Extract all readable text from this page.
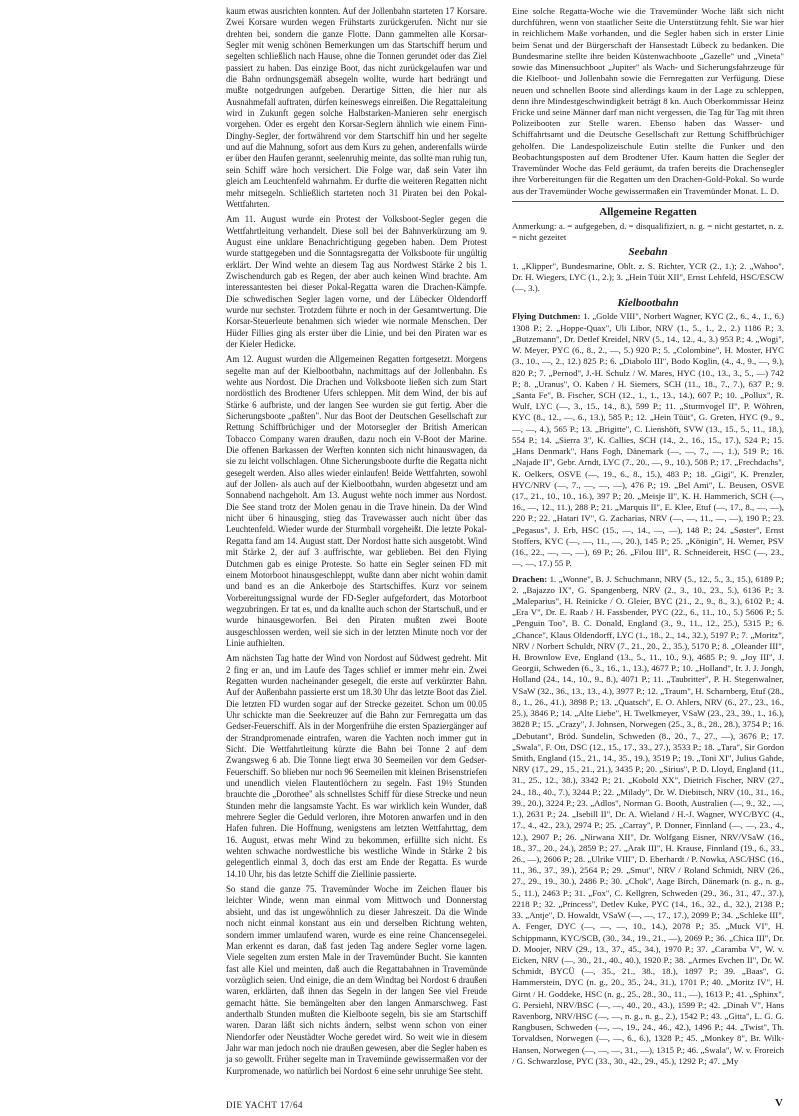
kaum etwas ausrichten konnten. Auf der Jollenbahn starteten 17 Korsare. Zwei Korsare wurden wegen Frühstarts zurückgerufen. Nicht nur sie drehten bei, sondern die ganze Flotte. Dann gammelten alle Korsar-Segler mit wenig schönen Bemerkungen um das Startschiff herum und segelten schließlich nach Hause, ohne die Tonnen gerundet oder das Ziel passiert zu haben. Das einzige Boot, das nicht zurückgelaufen war und die Bahn ordnungsgemäß absegeln wollte, wurde hart bedrängt und mußte notgedrungen aufgeben. Derartige Sitten, die hier nur als Ausnahmefall auftraten, dürfen keineswegs einreißen. Die Regattaleitung wird in Zukunft gegen solche Halbstarken-Manieren sehr energisch vorgehen. Oder es ergeht den Korsar-Seglern ähnlich wie einem Finn-Dinghy-Segler, der fortwährend vor dem Startschiff hin und her segelte und auf die Mahnung, sofort aus dem Kurs zu gehen, anderenfalls würde er über den Haufen gerannt, seelenruhig meinte, das sollte man ruhig tun, sein Schiff wäre hoch versichert. Die Folge war, daß sein Vater ihn gleich am Leuchtenfeld wahrnahm. Er durfte die weiteren Regatten nicht mehr mitsegeln. Schließlich starteten noch 31 Piraten bei den Pokal-Wettfahrten.

Am 11. August wurde ein Protest der Volksboot-Segler gegen die Wettfahrtleitung verhandelt. Diese soll bei der Bahnverkürzung am 9. August eine unklare Benachrichtigung gegeben haben. Dem Protest wurde stattgegeben und die Sonntagsregatta der Volksboote für ungültig erklärt. Der Wind wehte an diesem Tag aus Nordwest Stärke 2 bis 1. Zwischendurch gab es Regen, der aber auch keinen Wind brachte. Am interessantesten bei dieser Pokal-Regatta waren die Drachen-Kämpfe. Die schwedischen Segler lagen vorne, und der Lübecker Oldendorff wurde nur sechster. Trotzdem führte er noch in der Gesamtwertung. Die Korsar-Steuerleute benahmen sich wieder wie normale Menschen. Der Hüder Fillies ging als erster über die Linie, und bei den Piraten war es der Kieler Hedicke.

Am 12. August wurden die Allgemeinen Regatten fortgesetzt. Morgens segelte man auf der Kielbootbahn, nachmittags auf der Jollenbahn. Es wehte aus Nordost. Die Drachen und Volksboote ließen sich zum Start nordöstlich des Brodtener Ufers schleppen. Mit dem Wind, der bis auf Stärke 6 aufbriste, und der langen See wurden sie gut fertig. Aber die Sicherungsboote „paßten". Nur das Boot der Deutschen Gesellschaft zur Rettung Schiffbrüchiger und der Motorsegler der British American Tobacco Company waren draußen, dazu noch ein V-Boot der Marine. Die offenen Barkassen der Werften konnten sich nicht hinauswagen, da sie zu leicht vollschlagen. Ohne Sicherungsboote durfte die Regatta nicht gesegelt werden. Also alles wieder einlaufen! Beide Wettfahrten, sowohl auf der Jollen- als auch auf der Kielbootbahn, wurden abgesetzt und am Sonnabend nachgeholt. Am 13. August wehte noch immer aus Nordost. Die See stand trotz der Molen genau in die Trave hinein. Da der Wind nicht über 6 hinausging, stieg das Travewasser auch nicht über das Leuchtenfeld. Wieder wurde der Sturmball vorgeheißt. Die letzte Pokal-Regatta fand am 14. August statt. Der Nordost hatte sich ausgetobt. Wind mit Stärke 2, der auf 3 auffrischte, war geblieben. Bei den Flying Dutchmen gab es einige Proteste. So hatte ein Segler seinen FD mit einem Motorboot hinausgeschleppt, wußte dann aber nicht wohin damit und band es an die Ankerboje des Startschiffes. Kurz vor seinem Vorbereitungssignal wurde der FD-Segler aufgefordert, das Motorboot wegzubringen. Er tat es, und da knallte auch schon der Startschuß, und er wurde hinausgeworfen. Bei den Piraten mußten zwei Boote ausgeschlossen werden, weil sie sich in der letzten Minute noch vor der Linie aufhielten.

Am nächsten Tag hatte der Wind von Nordost auf Südwest gedreht. Mit 2 fing er an, und im Laufe des Tages schlief er immer mehr ein. Zwei Regatten wurden nacheinander gesegelt, die erste auf verkürzter Bahn. Auf der Außenbahn passierte erst um 18.30 Uhr das letzte Boot das Ziel. Die letzten FD wurden sogar auf der Strecke gezeitet. Schon um 00.05 Uhr schickte man die Seekreuzer auf die Bahn zur Fernregatta um das Gedser-Feuerschiff. Als in der Morgenfrühe die ersten Spaziergänger auf der Strandpromenade eintrafen, waren die Yachten noch immer gut in Sicht. Die Wettfahrtleitung kürzte die Bahn bei Tonne 2 auf dem Zwangsweg 6 ab. Die Tonne liegt etwa 30 Seemeilen vor dem Gedser-Feuerschiff. So blieben nur noch 96 Seemeilen mit kleinen Brisenstriefen und unendlich vielen Flautentlöchern zu segeln. Fast 19½ Stunden brauchte die „Dorothee" als schnellstes Schiff für diese Strecke und neun Stunden mehr die langsamste Yacht. Es war wirklich kein Wunder, daß mehrere Segler die Geduld verloren, ihre Motoren anwarfen und in den Hafen fuhren. Die Hoffnung, wenigstens am letzten Wettfahrttag, dem 16. August, etwas mehr Wind zu bekommen, erfüllte sich nicht. Es wehten schwache nordwestliche bis westliche Winde in Stärke 2 bis gelegentlich einmal 3, doch das erst am Ende der Regatta. Es wurde 14.10 Uhr, bis das letzte Schiff die Ziellinie passierte.

So stand die ganze 75. Travemünder Woche im Zeichen flauer bis leichter Winde, wenn man einmal vom Mittwoch und Donnerstag absieht, und das ist ungewöhnlich zu dieser Jahreszeit. Da die Winde noch nicht einmal konstant aus ein und derselben Richtung wehten, sondern immer umlaufend waren, wurde es eine reine Chancensegelei. Man erkennt es daran, daß fast jeden Tag andere Segler vorne lagen. Viele segelten zum ersten Male in der Travemünder Bucht. Sie kannten fast alle Kiel und meinten, daß auch die Regattabahnen in Travemünde vorzüglich seien. Und einige, die an dem Windtag bei Nordost 6 draußen waren, erklärten, daß ihnen das Segeln in der langen See viel Freude gemacht hätte. Sie bemängelten aber den langen Anmarschweg. Fast anderthalb Stunden mußten die Kielboote segeln, bis sie am Startschiff waren. Daran läßt sich nichts ändern, selbst wenn schon von einer Niendorfer oder Neustädter Woche geredet wird. So weit wie in diesem Jahr war man jedoch noch nie draußen gewesen, aber die Segler haben es ja so gewollt. Früher segelte man in Travemünde gewissermaßen vor der Kurpromenade, wo natürlich bei Nordost 6 eine sehr unruhige See steht.

Eine solche Regatta-Woche wie die Travemünder Woche läßt sich nicht durchführen, wenn von staatlicher Seite die Unterstützung fehlt. Sie war hier in reichlichem Maße vorhanden, und die Segler haben sich in erster Linie beim Senat und der Bürgerschaft der Hansestadt Lübeck zu bedanken. Die Bundesmarine stellte ihre beiden Küstenwachboote „Gazelle" und „Vineta" sowie das Minensuchboot „Jupiter" als Wach- und Sicherungsfahrzeuge für die Kielboot- und Jollenbahn sowie die Fernregatten zur Verfügung. Diese neuen und schnellen Boote sind allerdings kaum in der Lage zu schleppen, denn ihre Mindestgeschwindigkeit beträgt 8 kn. Auch Oberkommissar Heinz Fricke und seine Männer darf man nicht vergessen, die Tag für Tag mit ihren Polizeibooten zur Stelle waren. Ebenso haben das Wasser- und Schiffahrtsamt und die Deutsche Gesellschaft zur Rettung Schiffbrüchiger geholfen. Die Landespolizeischule Eutin stellte die Funker und den Beobachtungsposten auf dem Brodtener Ufer. Kaum hatten die Segler der Travemünder Woche das Feld geräumt, da trafen bereits die Drachensegler ihre Vorbereitungen für die Regatten um den Drachen-Gold-Pokal. So wurde aus der Travemünder Woche gewissermaßen ein Travemünder Monat. L. D.

Allgemeine Regatten

Anmerkung: a. = aufgegeben, d. = disqualifiziert, n. g. = nicht gestartet, n. z. = nicht gezeitet

Seebahn

1. „Klipper", Bundesmarine, Oblt. z. S. Richter, YCR (2., 1.); 2. „Wahoo", Dr. H. Wiegers, LYC (1., 2.); 3. „Hein Tüüt XII", Ernst Lehfeld, HSC/ESCW (—, 3.).

Kielbootbahn

Flying Dutchmen: 1. „Golde VIII", Norbert Wagner, KYC (2., 6., 4., 1., 6.) 1308 P.; 2. „Hoppe-Quax", Uli Libor, NRV (1., 5., 1., 2., 2.) 1186 P.; 3. „Butzemann", Dr. Detlef Kreidel, NRV (5., 14., 12., 4., 3.) 953 P.; 4. „Wogi", W. Meyer, PYC (6., 8., 2., —, 5.) 920 P.; 5. „Colombine", H. Moster, HYC (3., 10., —, 2., 12.) 825 P.; 6. „Diabolo III", Bodo Koglin, (4., 4., 9., —, 9.), 820 P.; 7. „Pernod", J.-H. Schulz / W. Mares, HYC (10., 13., 3., 5., —) 742 P.; 8. „Uranus", O. Kaben / H. Siemers, SCH (11., 18., 7., 7.), 637 P.; 9. „Santa Fe", B. Fischer, SCH (12., 1., 1., 13., 14.), 607 P.; 10. „Pollux", R. Wulf, LYC (—, 3., 15., 14., 8.), 599 P.; 11. „Sturmvogel II", P. Wöhren, KYC (8., 12., —, 6., 13.), 585 P.; 12. „Hein Tüüt", G. Greten, HYC (9., 9., —, —, 4.), 565 P.; 13. „Brigitte", C. Lienshöft, SVW (13., 15., 5., 11., 18.), 554 P.; 14. „Sierra 3", K. Callies, SCH (14., 2., 16., 15., 17.), 524 P.; 15. „Hans Denmark", Hans Fogh, Dänemark (—, —, 7., —, 1.), 519 P.; 16. „Najade II", Gebr. Arndt, LYC (7., 20., —, 9., 10.), 508 P.; 17. „Frechdachs", K. Oelkers, OSVE (—, 19., 6., 8., 15.), 483 P.; 18. „Gigi", K. Prenzler, HYC/NRV (—, 7., —, —, —), 476 P.; 19. „Bel Ami", L. Beusen, OSVE (17., 21., 10., 10., 16.), 397 P.; 20. „Meisje II", K. H. Hammerich, SCH (—, 16., —, 12., 11.), 288 P.; 21. „Marquis II", E. Klee, Etuf (—, 17., 8., —, —), 220 P.; 22. „Hatari IV", G. Zacharias, NRV (—, —, 11., —, —), 190 P.; 23. „Pegasus", J. Erb, HSC (15., —, 14., —, —), 148 P.; 24. „Søster", Ernst Stoffers, KYC (—, —, 11., —, 20.), 145 P.; 25. „Königin", H. Wemer, PSV (16., 22., —, —, —), 69 P.; 26. „Filou III", R. Schneidereit, HSC (—, 23., —, —, 17.) 55 P.

Drachen: 1. „Wonne", B. J. Schuchmann, NRV (5., 12., 5., 3., 15.), 6189 P.; 2. „Bajazzo IX", G. Spangenberg, NRV (2., 3., 10., 23., 5.), 6136 P.; 3. „Maleparius", H. Reinicke / O. Gleier, BYC (21., 2., 9., 8., 3.), 6102 P.; 4. „Era V", Dr. E. Raab / H. Fassbender, PYC (22., 6., 11., 10., 5.) 5606 P.; 5. „Penguin Too", B. C. Donald, England (3., 9., 11., 12., 25.), 5315 P.; 6. „Chance", Klaus Oldendorff, LYC (1., 18., 2., 14., 32.), 5197 P.; 7. „Moritz", NRV / Norbert Schuldt, NRV (7., 21., 20., 2., 35.), 5170 P.; 8. „Oleander III", H. Brownlow Eve, England (13., 5., 11., 10., 9.), 4685 P.; 9. „Joy III", J. Georgii, Schweden (6., 3., 16., 1., 13.), 4677 P.; 10. „Holland", Ir. J. J. Jongh, Holland (24., 14., 10., 9., 8.), 4071 P.; 11. „Taubritter", P. H. Stegenwalner, VSaW (32., 36., 13., 13., 4.), 3977 P.; 12. „Traum", H. Scharnberg, Etuf (28., 8., 1., 26., 41.), 3898 P.; 13. „Quatsch", E. O. Ahlers, NRV (6., 27., 23., 16., 25.), 3846 P.; 14. „Alte Liebe", H. Twelkmeyer, VSaW (23., 23., 39., 1., 16.), 3828 P.; 15. „Crazy", J. Johnsen, Norwegen (25., 3., 8., 28., 28.), 3754 P.; 16. „Debutant", Bröd. Sundelin, Schweden (8., 20., 7., 27., —), 3676 P.; 17. „Swala", F. Ott, DSC (12., 15., 17., 33., 27.), 3533 P.; 18. „Tara", Sir Gordon Smith, England (15., 21., 14., 35., 19.), 3519 P.; 19. „Toni XI", Julius Gahde, NRV (17., 29., 15., 21., 21.), 3435 P.; 20. „Sirius", P. D. Lloyd, England (11., 31., 25., 12., 38.), 3342 P.; 21. „Kobold XX", Dietrich Fischer, NRV (27., 24., 18., 40., 7.), 3244 P.; 22. „Milady", Dr. W. Diebitsch, NRV (10., 31., 16., 39., 20.), 3224 P.; 23. „Adlos", Norman G. Booth, Australien (—, 9., 32., —, 1.), 2631 P.; 24. „Isebill II", Dr. A. Wieland / H.-J. Wagner, WYC/BYC (4., 17., 4., 42., 23.), 2974 P.; 25. „Carray", P. Donner, Finnland (—, —, 23., 4., 12.), 2907 P.; 26. „Nirwana XII", Dr. Wolfgang Eisner, NRV/VSaW (16., 18., 37., 20., 24.), 2859 P.; 27. „Arak III", H. Krause, Finnland (19., 6., 33., 26., —), 2606 P.; 28. „Ulrike VIII", D. Eberhardt / P. Nowka, ASC/HSC (16., 11., 36., 37., 39.), 2564 P.; 29. „Smut", NRV / Roland Schmidt, NRV (26., 27., 29., 19., 30.), 2486 P.; 30. „Chok", Aage Birch, Dänemark (n. g., n. g., 5., 11.), 2463 P.; 31. „Fox", C. Kellgren, Schweden (29., 36., 31., 47., 37.), 2218 P.; 32. „Princess", Detlev Kuke, PYC (14., 16., 32., d., 32.), 2138 P.; 33. „Antje", D. Howaldt, VSaW (—, —, 17., 17.), 2099 P.; 34. „Schleke III", A. Fenger, DYC (—, —, —, 10., 14.), 2078 P.; 35. „Muck VI", H. Schippmann, KYC/SCB, (30., 34., 19., 21., —), 2069 P.; 36. „Chica III", Dr. D. Moojer, NRV (29., 13., 37., 45., 34.), 1970 P.; 37. „Caramba V", W. v. Eicken, NRV (—, 30., 21., 40., 40.), 1920 P.; 38. „Armes Evchen II", Dr. W. Schmidt, BYCÜ (—, 35., 21., 38., 18.), 1897 P.; 39. „Baas", G. Hammerstein, DYC (n. g., 20., 35., 24., 31.), 1701 P.; 40. „Moritz IV", H. Girnt / H. Goddeke, HSC (n. g., 25., 28., 30., 11., —), 1613 P.; 41. „Sphinx", G. Persiehl, NRV/BSC (—, —, 40., 20., 43.), 1599 P.; 42. „Dinah V", Hans Ravenborg, NRV/HSC (—, —, n. g., n. g., 2.), 1542 P.; 43. „Gitta", L. G. G. Rangbusen, Schweden (—, —, 19., 24., 46., 42.), 1496 P.; 44. „Twist", Th. Torvaldsen, Norwegen (—, —, 6., 6.), 1328 P.; 45. „Monkey 8", Br. Wilk-Hansen, Norwegen (—, —, —, 31., —), 1315 P.; 46. „Swala", W. v. Froreich / G. Schwarzlose, PYC (33., 30., 42., 29., 45.), 1292 P.; 47. „My

DIE YACHT 17/64	V
